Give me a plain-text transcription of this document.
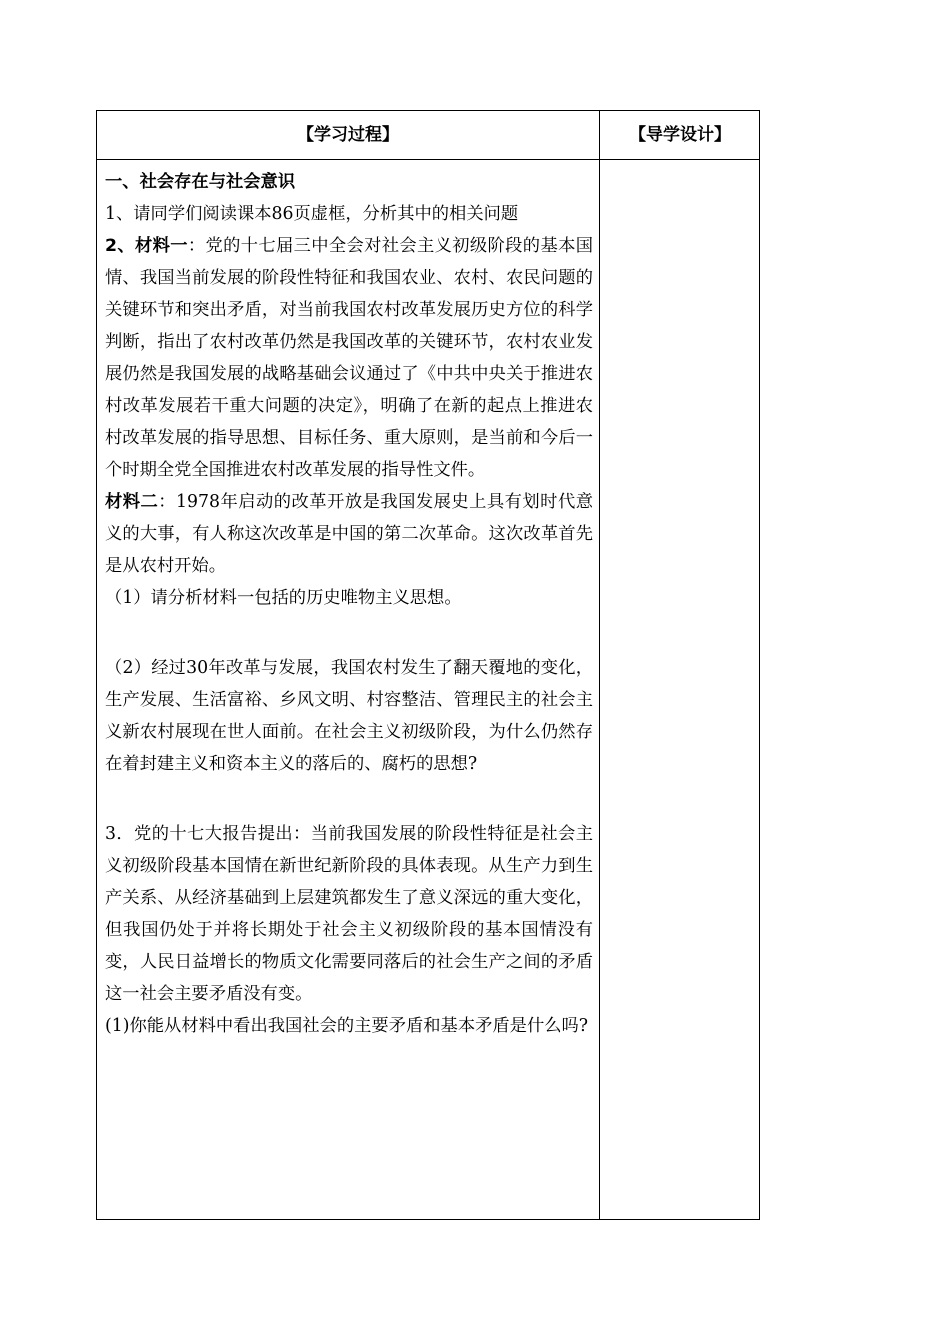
【学习过程】	【导学设计】

一、社会存在与社会意识

1、请同学们阅读课本86页虚框，分析其中的相关问题

2、材料一：党的十七届三中全会对社会主义初级阶段的基本国情、我国当前发展的阶段性特征和我国农业、农村、农民问题的关键环节和突出矛盾，对当前我国农村改革发展历史方位的科学判断，指出了农村改革仍然是我国改革的关键环节，农村农业发展仍然是我国发展的战略基础会议通过了《中共中央关于推进农村改革发展若干重大问题的决定》，明确了在新的起点上推进农村改革发展的指导思想、目标任务、重大原则，是当前和今后一个时期全党全国推进农村改革发展的指导性文件。

材料二：1978年启动的改革开放是我国发展史上具有划时代意义的大事，有人称这次改革是中国的第二次革命。这次改革首先是从农村开始。

（1）请分析材料一包括的历史唯物主义思想。

（2）经过30年改革与发展，我国农村发生了翻天覆地的变化，生产发展、生活富裕、乡风文明、村容整洁、管理民主的社会主义新农村展现在世人面前。在社会主义初级阶段，为什么仍然存在着封建主义和资本主义的落后的、腐朽的思想?

3．党的十七大报告提出：当前我国发展的阶段性特征是社会主义初级阶段基本国情在新世纪新阶段的具体表现。从生产力到生产关系、从经济基础到上层建筑都发生了意义深远的重大变化，但我国仍处于并将长期处于社会主义初级阶段的基本国情没有变，人民日益增长的物质文化需要同落后的社会生产之间的矛盾这一社会主要矛盾没有变。

(1)你能从材料中看出我国社会的主要矛盾和基本矛盾是什么吗?
